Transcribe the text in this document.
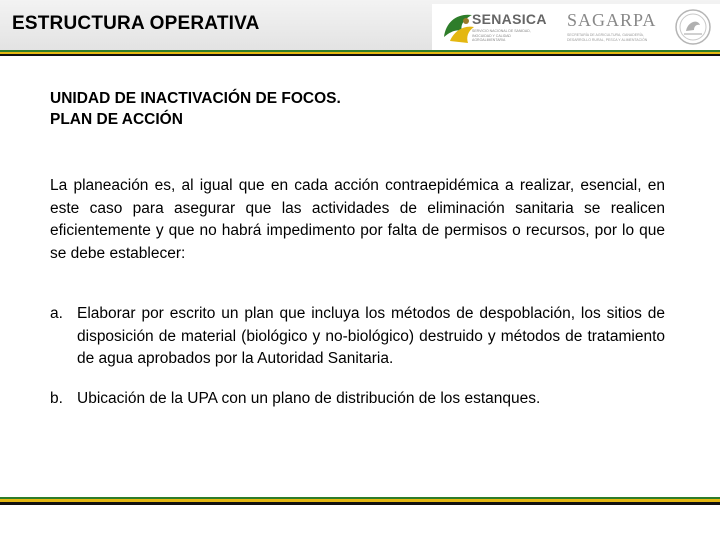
ESTRUCTURA OPERATIVA	SENASICA
SERVICIO NACIONAL DE SANIDAD, INOCUIDAD Y CALIDAD AGROALIMENTARIA
SAGARPA
SECRETARÍA DE AGRICULTURA, GANADERÍA, DESARROLLO RURAL, PESCA Y ALIMENTACIÓN
UNIDAD DE INACTIVACIÓN DE FOCOS.
PLAN DE ACCIÓN
La planeación es, al igual que en cada acción contraepidémica a realizar, esencial, en este caso para asegurar que las actividades de eliminación sanitaria se realicen eficientemente y que no habrá impedimento por falta de permisos o recursos, por lo que se debe establecer:
a. Elaborar por escrito un plan que incluya los métodos de despoblación, los sitios de disposición de material (biológico y no-biológico) destruido y métodos de tratamiento de agua aprobados por la Autoridad Sanitaria.
b. Ubicación de la UPA con un plano de distribución de los estanques.
